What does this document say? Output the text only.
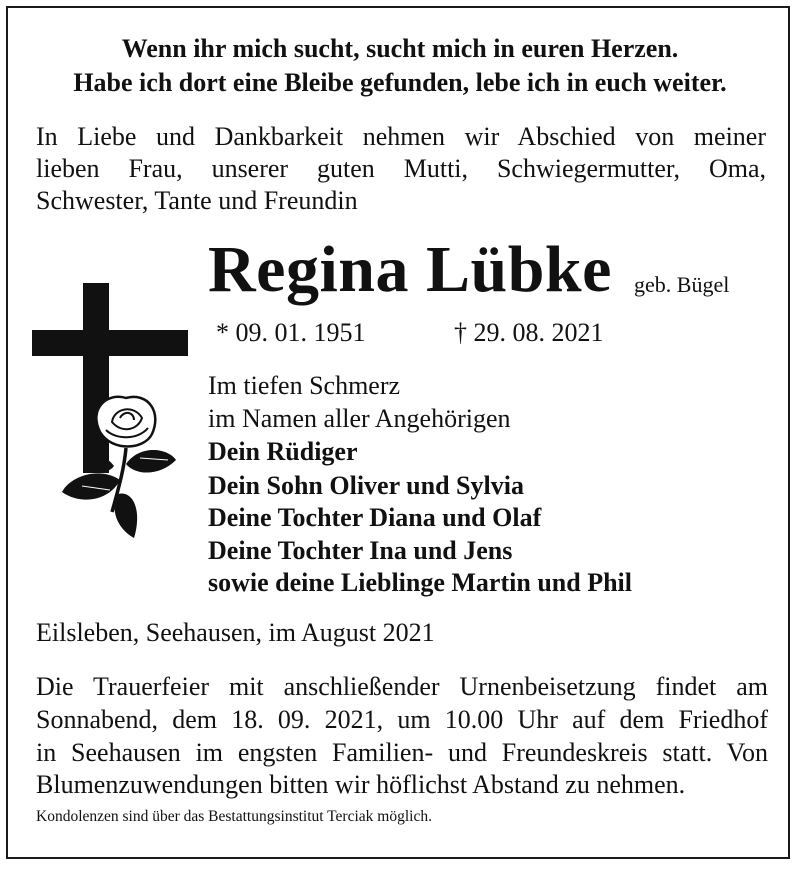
Wenn ihr mich sucht, sucht mich in euren Herzen.
Habe ich dort eine Bleibe gefunden, lebe ich in euch weiter.
In Liebe und Dankbarkeit nehmen wir Abschied von meiner
lieben Frau, unserer guten Mutti, Schwiegermutter, Oma,
Schwester, Tante und Freundin
Regina Lübke geb. Bügel
* 09. 01. 1951	† 29. 08. 2021
Im tiefen Schmerz
im Namen aller Angehörigen
Dein Rüdiger
Dein Sohn Oliver und Sylvia
Deine Tochter Diana und Olaf
Deine Tochter Ina und Jens
sowie deine Lieblinge Martin und Phil
Eilsleben, Seehausen, im August 2021
Die Trauerfeier mit anschließender Urnenbeisetzung findet am
Sonnabend, dem 18. 09. 2021, um 10.00 Uhr auf dem Friedhof
in Seehausen im engsten Familien- und Freundeskreis statt. Von
Blumenzuwendungen bitten wir höflichst Abstand zu nehmen.
Kondolenzen sind über das Bestattungsinstitut Terciak möglich.
